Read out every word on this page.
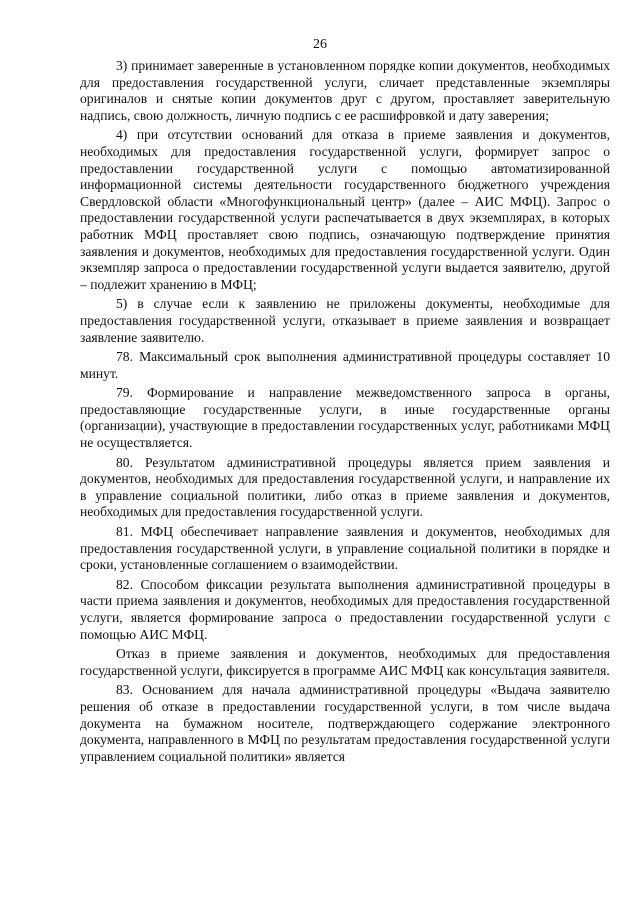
26

3) принимает заверенные в установленном порядке копии документов, необходимых для предоставления государственной услуги, сличает представленные экземпляры оригиналов и снятые копии документов друг с другом, проставляет заверительную надпись, свою должность, личную подпись с ее расшифровкой и дату заверения;

4) при отсутствии оснований для отказа в приеме заявления и документов, необходимых для предоставления государственной услуги, формирует запрос о предоставлении государственной услуги с помощью автоматизированной информационной системы деятельности государственного бюджетного учреждения Свердловской области «Многофункциональный центр» (далее – АИС МФЦ). Запрос о предоставлении государственной услуги распечатывается в двух экземплярах, в которых работник МФЦ проставляет свою подпись, означающую подтверждение принятия заявления и документов, необходимых для предоставления государственной услуги. Один экземпляр запроса о предоставлении государственной услуги выдается заявителю, другой – подлежит хранению в МФЦ;

5) в случае если к заявлению не приложены документы, необходимые для предоставления государственной услуги, отказывает в приеме заявления и возвращает заявление заявителю.

78. Максимальный срок выполнения административной процедуры составляет 10 минут.

79. Формирование и направление межведомственного запроса в органы, предоставляющие государственные услуги, в иные государственные органы (организации), участвующие в предоставлении государственных услуг, работниками МФЦ не осуществляется.

80. Результатом административной процедуры является прием заявления и документов, необходимых для предоставления государственной услуги, и направление их в управление социальной политики, либо отказ в приеме заявления и документов, необходимых для предоставления государственной услуги.

81. МФЦ обеспечивает направление заявления и документов, необходимых для предоставления государственной услуги, в управление социальной политики в порядке и сроки, установленные соглашением о взаимодействии.

82. Способом фиксации результата выполнения административной процедуры в части приема заявления и документов, необходимых для предоставления государственной услуги, является формирование запроса о предоставлении государственной услуги с помощью АИС МФЦ.

Отказ в приеме заявления и документов, необходимых для предоставления государственной услуги, фиксируется в программе АИС МФЦ как консультация заявителя.

83. Основанием для начала административной процедуры «Выдача заявителю решения об отказе в предоставлении государственной услуги, в том числе выдача документа на бумажном носителе, подтверждающего содержание электронного документа, направленного в МФЦ по результатам предоставления государственной услуги управлением социальной политики» является
